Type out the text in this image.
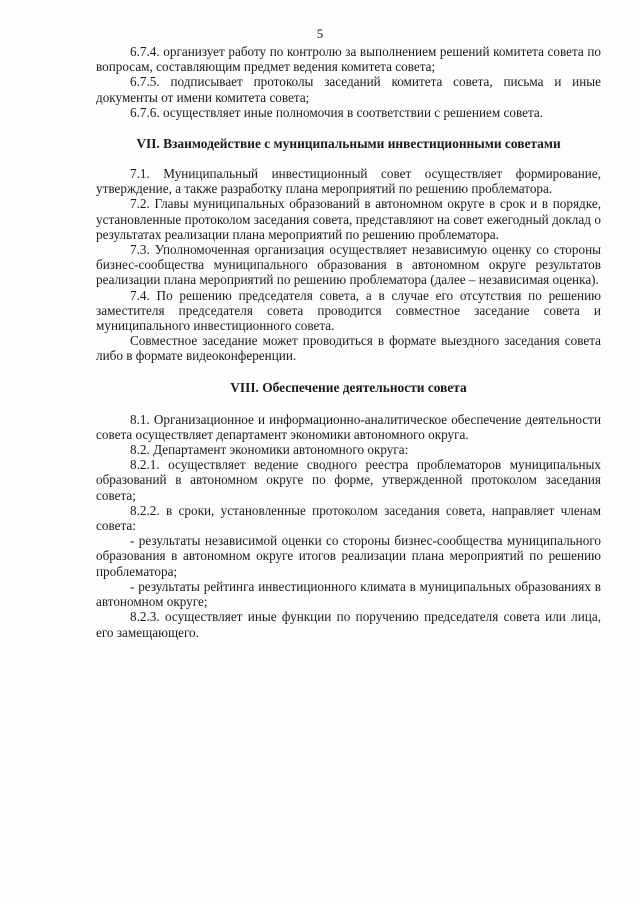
5

6.7.4. организует работу по контролю за выполнением решений комитета совета по вопросам, составляющим предмет ведения комитета совета;

6.7.5. подписывает протоколы заседаний комитета совета, письма и иные документы от имени комитета совета;

6.7.6. осуществляет иные полномочия в соответствии с решением совета.

VII. Взаимодействие с муниципальными инвестиционными советами

7.1. Муниципальный инвестиционный совет осуществляет формирование, утверждение, а также разработку плана мероприятий по решению проблематора.

7.2. Главы муниципальных образований в автономном округе в срок и в порядке, установленные протоколом заседания совета, представляют на совет ежегодный доклад о результатах реализации плана мероприятий по решению проблематора.

7.3. Уполномоченная организация осуществляет независимую оценку со стороны бизнес-сообщества муниципального образования в автономном округе результатов реализации плана мероприятий по решению проблематора (далее – независимая оценка).

7.4. По решению председателя совета, а в случае его отсутствия по решению заместителя председателя совета проводится совместное заседание совета и муниципального инвестиционного совета.

Совместное заседание может проводиться в формате выездного заседания совета либо в формате видеоконференции.

VIII. Обеспечение деятельности совета

8.1. Организационное и информационно-аналитическое обеспечение деятельности совета осуществляет департамент экономики автономного округа.

8.2. Департамент экономики автономного округа:

8.2.1. осуществляет ведение сводного реестра проблематоров муниципальных образований в автономном округе по форме, утвержденной протоколом заседания совета;

8.2.2. в сроки, установленные протоколом заседания совета, направляет членам совета:

- результаты независимой оценки со стороны бизнес-сообщества муниципального образования в автономном округе итогов реализации плана мероприятий по решению проблематора;

- результаты рейтинга инвестиционного климата в муниципальных образованиях в автономном округе;

8.2.3. осуществляет иные функции по поручению председателя совета или лица, его замещающего.
